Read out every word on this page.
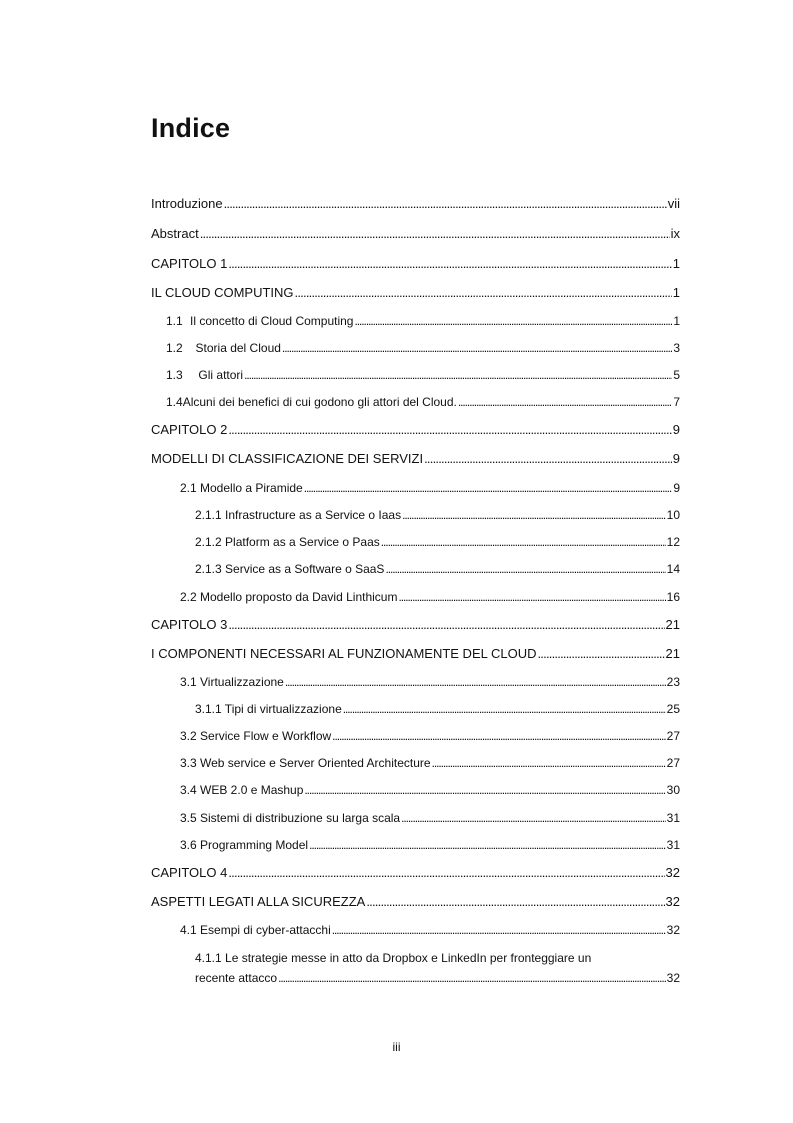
Indice
Introduzione . . .	vii
Abstract . . .	ix
CAPITOLO 1 . . .	1
IL CLOUD COMPUTING . . .	1
1.1 Il concetto di Cloud Computing . . .	1
1.2	Storia del Cloud . . .	3
1.3	Gli attori . . .	5
1.4 Alcuni dei benefici di cui godono gli attori del Cloud. . . .	7
CAPITOLO 2 . . .	9
MODELLI DI CLASSIFICAZIONE DEI SERVIZI . . .	9
2.1 Modello a Piramide . . .	9
2.1.1 Infrastructure as a Service o Iaas . . .	10
2.1.2 Platform as a Service o Paas . . .	12
2.1.3 Service as a Software o SaaS . . .	14
2.2 Modello proposto da David Linthicum . . .	16
CAPITOLO 3 . . .	21
I COMPONENTI NECESSARI AL FUNZIONAMENTE DEL CLOUD . . .	21
3.1 Virtualizzazione . . .	23
3.1.1 Tipi di virtualizzazione . . .	25
3.2 Service Flow e Workflow . . .	27
3.3 Web service e Server Oriented Architecture . . .	27
3.4 WEB 2.0 e Mashup . . .	30
3.5 Sistemi di distribuzione su larga scala . . .	31
3.6 Programming Model . . .	31
CAPITOLO 4 . . .	32
ASPETTI LEGATI ALLA SICUREZZA . . .	32
4.1 Esempi di cyber-attacchi . . .	32
4.1.1 Le strategie messe in atto da Dropbox e LinkedIn per fronteggiare un
recente attacco . . .	32
iii
